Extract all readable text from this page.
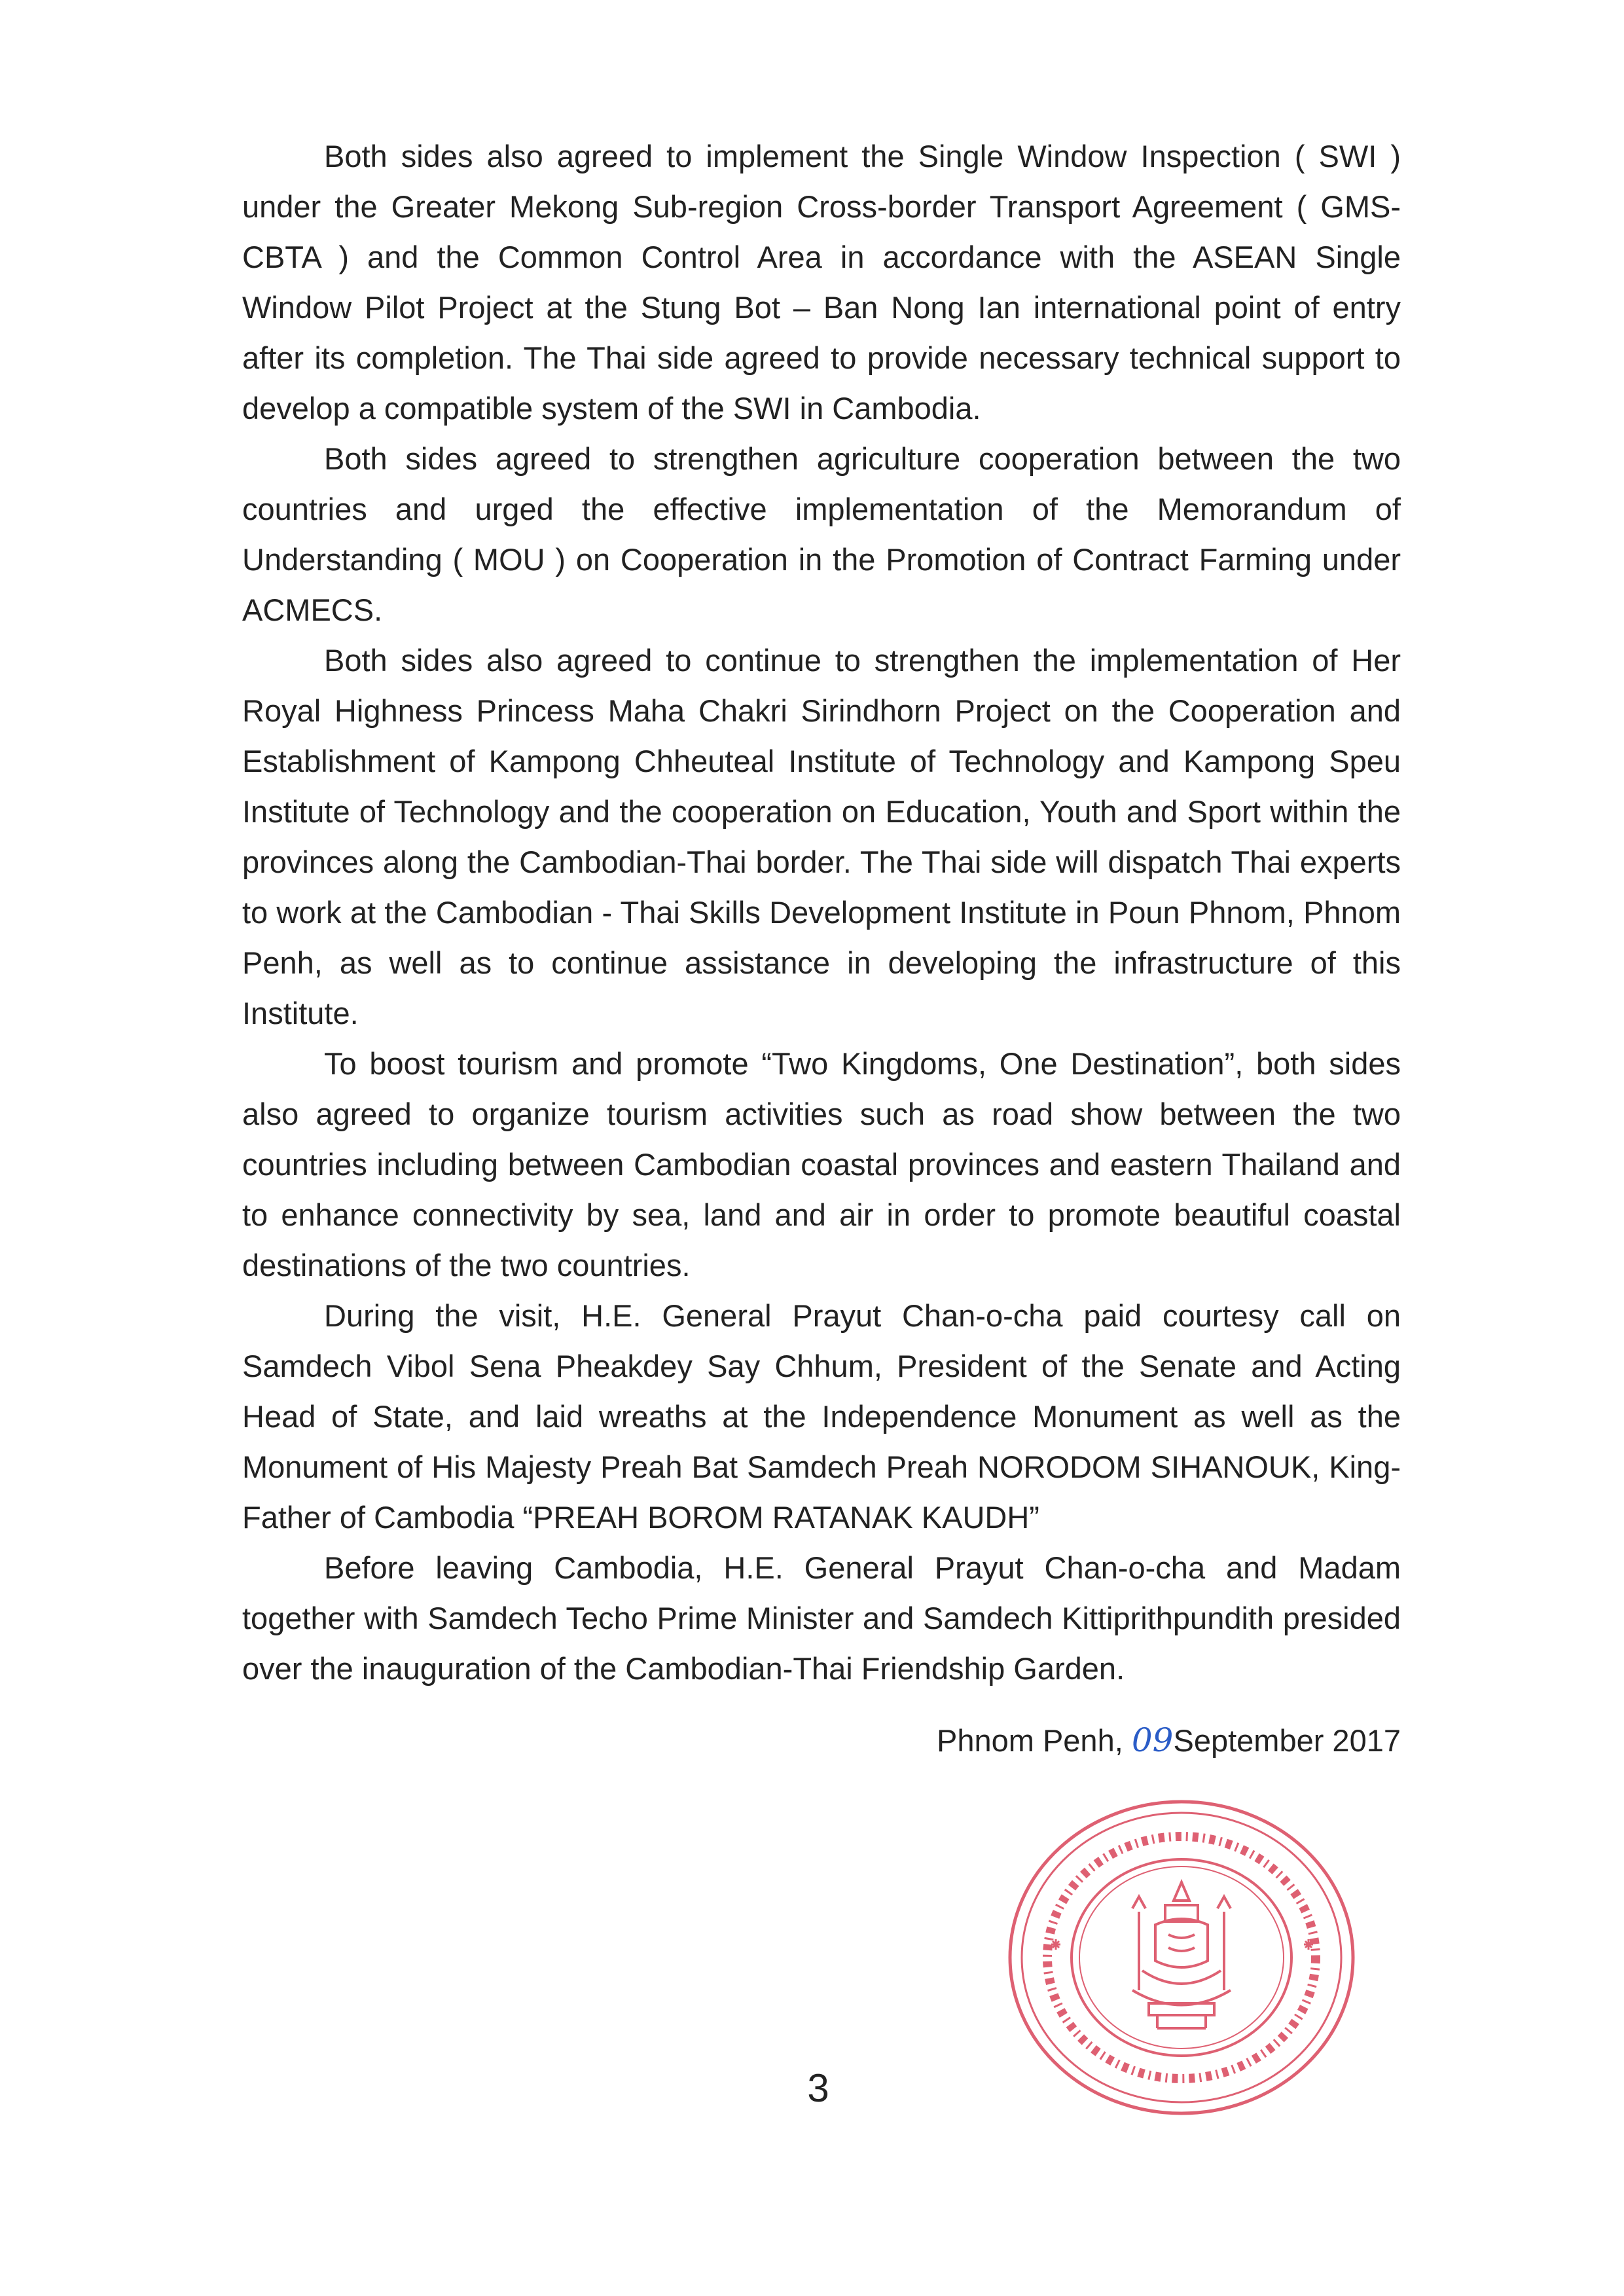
Both sides also agreed to implement the Single Window Inspection ( SWI ) under the Greater Mekong Sub-region Cross-border Transport Agreement ( GMS-CBTA ) and the Common Control Area in accordance with the ASEAN Single Window Pilot Project at the Stung Bot – Ban Nong Ian international point of entry after its completion. The Thai side agreed to provide necessary technical support to develop a compatible system of the SWI in Cambodia.

Both sides agreed to strengthen agriculture cooperation between the two countries and urged the effective implementation of the Memorandum of Understanding ( MOU ) on Cooperation in the Promotion of Contract Farming under ACMECS.

Both sides also agreed to continue to strengthen the implementation of Her Royal Highness Princess Maha Chakri Sirindhorn Project on the Cooperation and Establishment of Kampong Chheuteal Institute of Technology and Kampong Speu Institute of Technology and the cooperation on Education, Youth and Sport within the provinces along the Cambodian-Thai border. The Thai side will dispatch Thai experts to work at the Cambodian - Thai Skills Development Institute in Poun Phnom, Phnom Penh, as well as to continue assistance in developing the infrastructure of this Institute.

To boost tourism and promote “Two Kingdoms, One Destination”, both sides also agreed to organize tourism activities such as road show between the two countries including between Cambodian coastal provinces and eastern Thailand and to enhance connectivity by sea, land and air in order to promote beautiful coastal destinations of the two countries.

During the visit, H.E. General Prayut Chan-o-cha paid courtesy call on Samdech Vibol Sena Pheakdey Say Chhum, President of the Senate and Acting Head of State, and laid wreaths at the Independence Monument as well as the Monument of His Majesty Preah Bat Samdech Preah NORODOM SIHANOUK, King-Father of Cambodia “PREAH BOROM RATANAK KAUDH”

Before leaving Cambodia, H.E. General Prayut Chan-o-cha and Madam together with Samdech Techo Prime Minister and Samdech Kittiprithpundith presided over the inauguration of the Cambodian-Thai Friendship Garden.

Phnom Penh, 09September 2017

3
